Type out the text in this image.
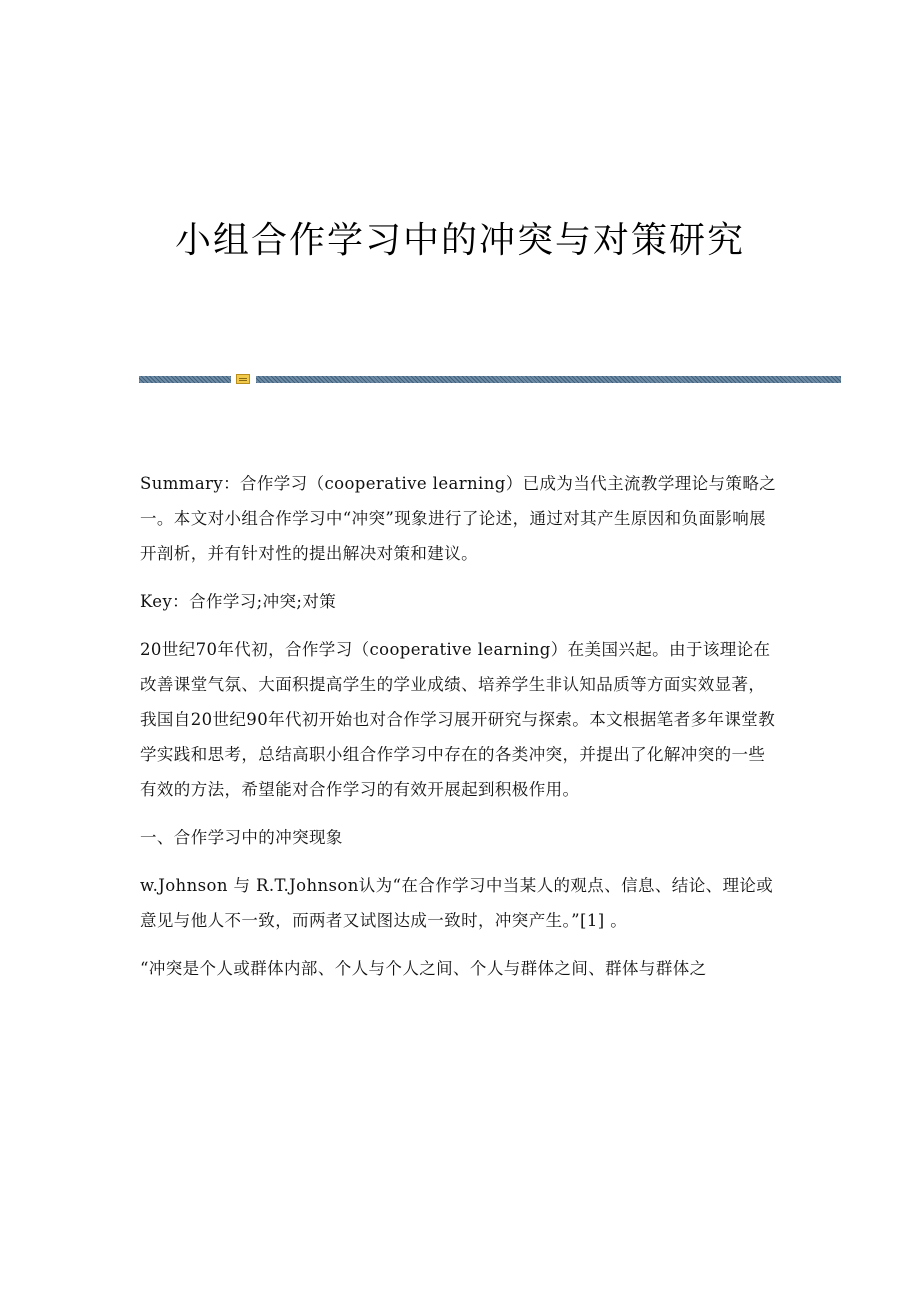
小组合作学习中的冲突与对策研究

Summary：合作学习（cooperative learning）已成为当代主流教学理论与策略之一。本文对小组合作学习中“冲突”现象进行了论述，通过对其产生原因和负面影响展开剖析，并有针对性的提出解决对策和建议。

Key：合作学习;冲突;对策

20世纪70年代初，合作学习（cooperative learning）在美国兴起。由于该理论在改善课堂气氛、大面积提高学生的学业成绩、培养学生非认知品质等方面实效显著，我国自20世纪90年代初开始也对合作学习展开研究与探索。本文根据笔者多年课堂教学实践和思考，总结高职小组合作学习中存在的各类冲突，并提出了化解冲突的一些有效的方法，希望能对合作学习的有效开展起到积极作用。

一、合作学习中的冲突现象

w.Johnson 与 R.T.Johnson认为“在合作学习中当某人的观点、信息、结论、理论或意见与他人不一致，而两者又试图达成一致时，冲突产生。”[1] 。

“冲突是个人或群体内部、个人与个人之间、个人与群体之间、群体与群体之
